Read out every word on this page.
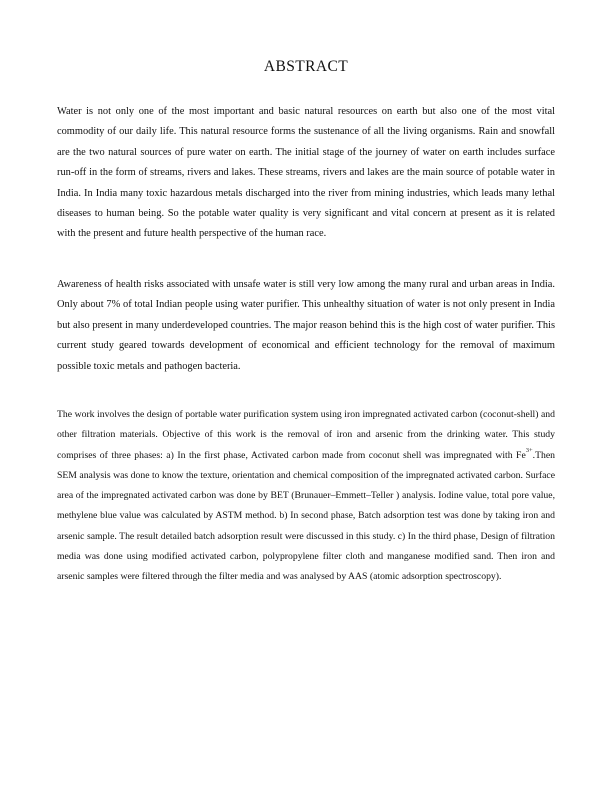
ABSTRACT

Water is not only one of the most important and basic natural resources on earth but also one of the most vital commodity of our daily life. This natural resource forms the sustenance of all the living organisms. Rain and snowfall are the two natural sources of pure water on earth. The initial stage of the journey of water on earth includes surface run-off in the form of streams, rivers and lakes. These streams, rivers and lakes are the main source of potable water in India. In India many toxic hazardous metals discharged into the river from mining industries, which leads many lethal diseases to human being. So the potable water quality is very significant and vital concern at present as it is related with the present and future health perspective of the human race.

Awareness of health risks associated with unsafe water is still very low among the many rural and urban areas in India. Only about 7% of total Indian people using water purifier. This unhealthy situation of water is not only present in India but also present in many underdeveloped countries. The major reason behind this is the high cost of water purifier. This current study geared towards development of economical and efficient technology for the removal of maximum possible toxic metals and pathogen bacteria.

The work involves the design of portable water purification system using iron impregnated activated carbon (coconut-shell) and other filtration materials. Objective of this work is the removal of iron and arsenic from the drinking water. This study comprises of three phases: a) In the first phase, Activated carbon made from coconut shell was impregnated with $Fe^{3+}.Then$ SEM analysis was done to know the texture, orientation and chemical composition of the impregnated activated carbon. Surface area of the impregnated activated carbon was done by BET (Brunauer–Emmett–Teller ) analysis. Iodine value, total pore value, methylene blue value was calculated by ASTM method. b) In second phase, Batch adsorption test was done by taking iron and arsenic sample. The result detailed batch adsorption result were discussed in this study. c) In the third phase, Design of filtration media was done using modified activated carbon, polypropylene filter cloth and manganese modified sand. Then iron and arsenic samples were filtered through the filter media and was analysed by AAS (atomic adsorption spectroscopy).
